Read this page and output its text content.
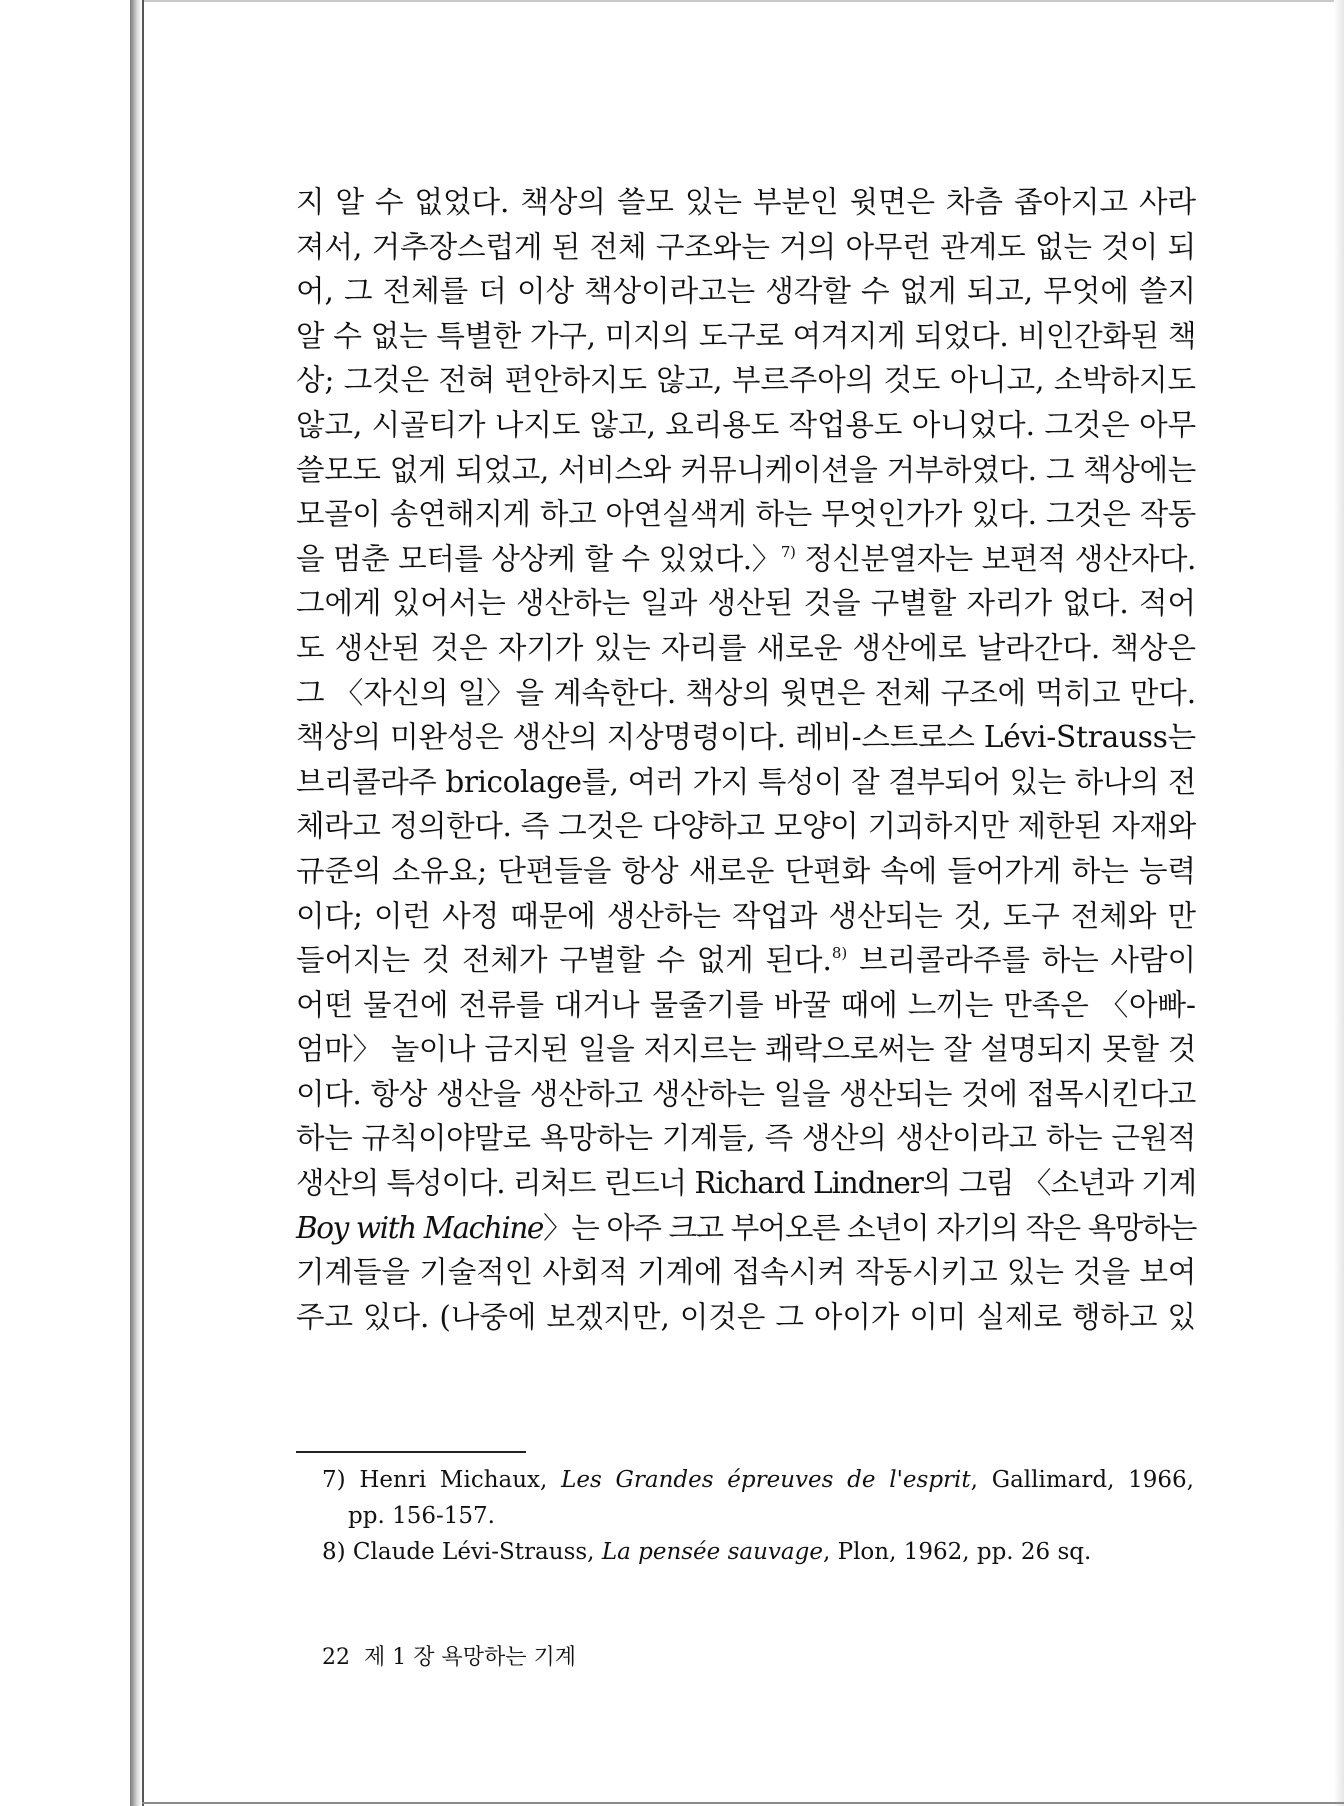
지 알 수 없었다. 책상의 쓸모 있는 부분인 윗면은 차츰 좁아지고 사라
져서, 거추장스럽게 된 전체 구조와는 거의 아무런 관계도 없는 것이 되
어, 그 전체를 더 이상 책상이라고는 생각할 수 없게 되고, 무엇에 쓸지
알 수 없는 특별한 가구, 미지의 도구로 여겨지게 되었다. 비인간화된 책
상; 그것은 전혀 편안하지도 않고, 부르주아의 것도 아니고, 소박하지도
않고, 시골티가 나지도 않고, 요리용도 작업용도 아니었다. 그것은 아무
쓸모도 없게 되었고, 서비스와 커뮤니케이션을 거부하였다. 그 책상에는
모골이 송연해지게 하고 아연실색게 하는 무엇인가가 있다. 그것은 작동
을 멈춘 모터를 상상케 할 수 있었다.〉$^{7)}$ 정신분열자는 보편적 생산자다.
그에게 있어서는 생산하는 일과 생산된 것을 구별할 자리가 없다. 적어
도 생산된 것은 자기가 있는 자리를 새로운 생산에로 날라간다. 책상은
그 〈자신의 일〉을 계속한다. 책상의 윗면은 전체 구조에 먹히고 만다.
책상의 미완성은 생산의 지상명령이다. 레비-스트로스 Lévi-Strauss는
브리콜라주 bricolage를, 여러 가지 특성이 잘 결부되어 있는 하나의 전
체라고 정의한다. 즉 그것은 다양하고 모양이 기괴하지만 제한된 자재와
규준의 소유요; 단편들을 항상 새로운 단편화 속에 들어가게 하는 능력
이다; 이런 사정 때문에 생산하는 작업과 생산되는 것, 도구 전체와 만
들어지는 것 전체가 구별할 수 없게 된다.$^{8)}$ 브리콜라주를 하는 사람이
어떤 물건에 전류를 대거나 물줄기를 바꿀 때에 느끼는 만족은 〈아빠-
엄마〉 놀이나 금지된 일을 저지르는 쾌락으로써는 잘 설명되지 못할 것
이다. 항상 생산을 생산하고 생산하는 일을 생산되는 것에 접목시킨다고
하는 규칙이야말로 욕망하는 기계들, 즉 생산의 생산이라고 하는 근원적
생산의 특성이다. 리처드 린드너 Richard Lindner의 그림 〈소년과 기계
Boy with Machine〉는 아주 크고 부어오른 소년이 자기의 작은 욕망하는
기계들을 기술적인 사회적 기계에 접속시켜 작동시키고 있는 것을 보여
주고 있다. (나중에 보겠지만, 이것은 그 아이가 이미 실제로 행하고 있
7) Henri Michaux, Les Grandes épreuves de l'esprit, Gallimard, 1966,
pp. 156-157.
8) Claude Lévi-Strauss, La pensée sauvage, Plon, 1962, pp. 26 sq.
22 제 1 장 욕망하는 기계
